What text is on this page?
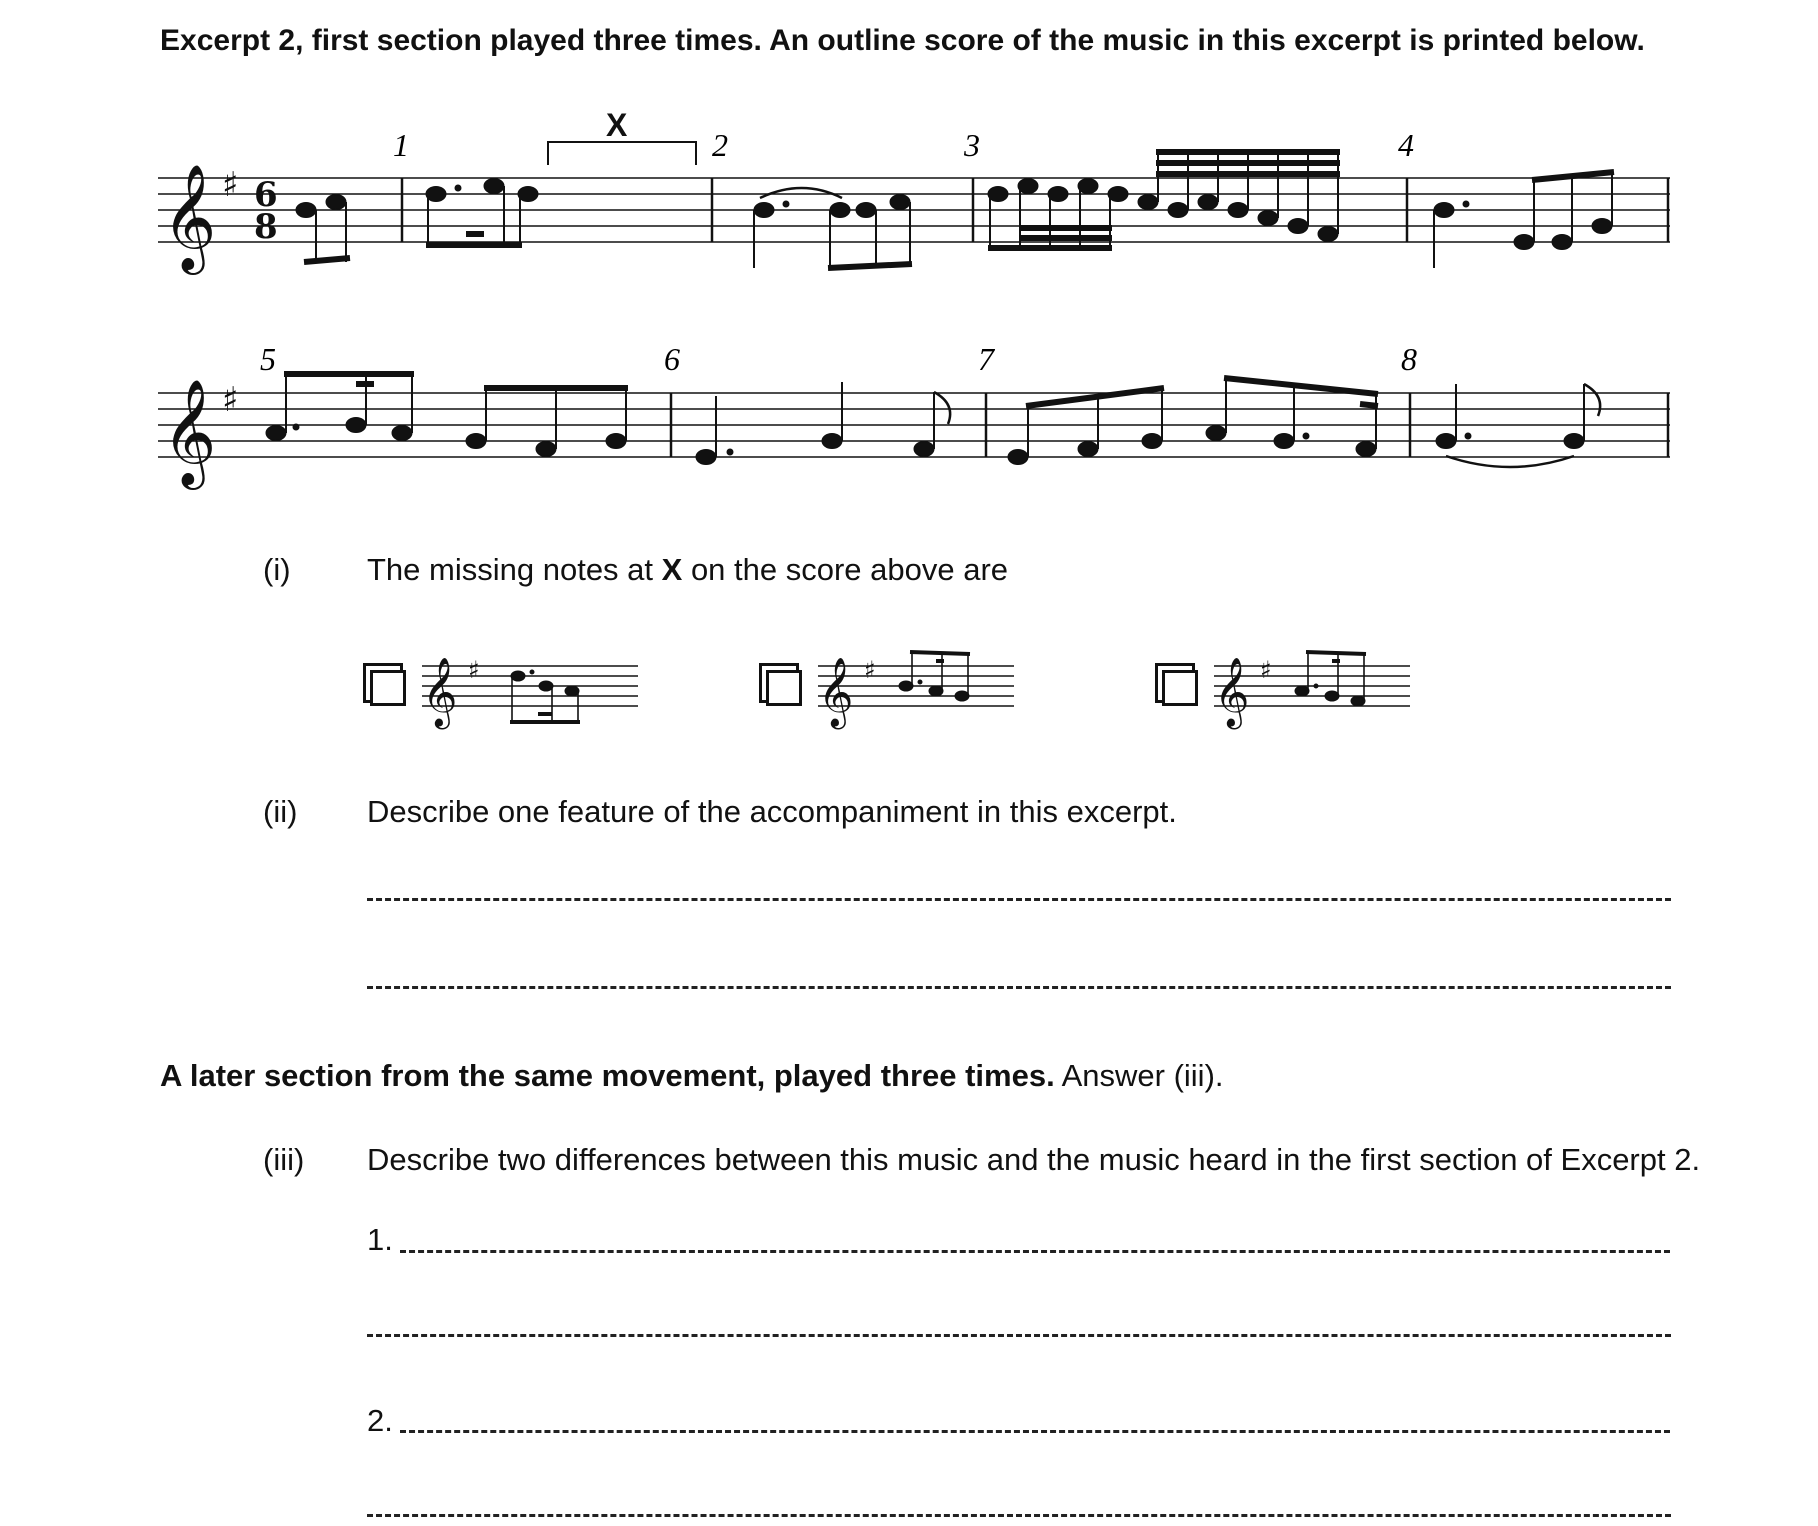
Excerpt 2, first section played three times. An outline score of the music in this excerpt is printed below.
𝄞
𝄞
♯
♯
6
8
1	2	3	4
5	6	7	8
X
(i) The missing notes at X on the score above are
𝄞 ♯	𝄞 ♯	𝄞 ♯
(ii) Describe one feature of the accompaniment in this excerpt.
A later section from the same movement, played three times. Answer (iii).
(iii) Describe two differences between this music and the music heard in the first section of Excerpt 2.
1.
2.
